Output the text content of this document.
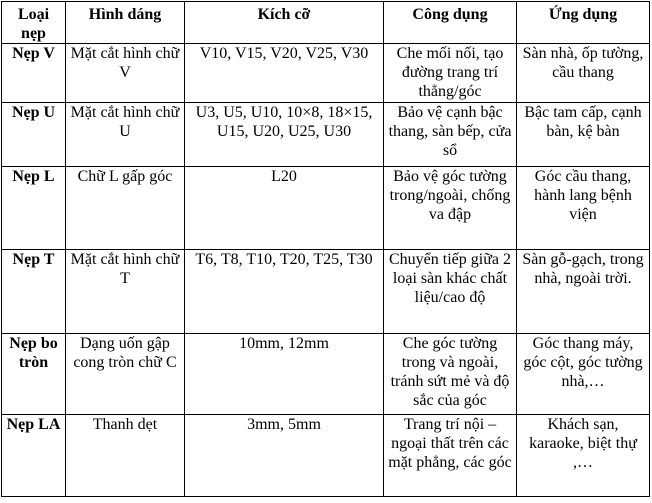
Loại nẹp	Hình dáng	Kích cỡ	Công dụng	Ứng dụng
Nẹp V	Mặt cắt hình chữ V	V10, V15, V20, V25, V30	Che mối nối, tạo đường trang trí thẳng/góc	Sàn nhà, ốp tường, cầu thang
Nẹp U	Mặt cắt hình chữ U	U3, U5, U10, 10×8, 18×15, U15, U20, U25, U30	Bảo vệ cạnh bậc thang, sàn bếp, cửa sổ	Bậc tam cấp, cạnh bàn, kệ bàn
Nẹp L	Chữ L gấp góc	L20	Bảo vệ góc tường trong/ngoài, chống va đập	Góc cầu thang, hành lang bệnh viện
Nẹp T	Mặt cắt hình chữ T	T6, T8, T10, T20, T25, T30	Chuyển tiếp giữa 2 loại sàn khác chất liệu/cao độ	Sàn gỗ-gạch, trong nhà, ngoài trời.
Nẹp bo tròn	Dạng uốn gập cong tròn chữ C	10mm, 12mm	Che góc tường trong và ngoài, tránh sứt mẻ và độ sắc của góc	Góc thang máy, góc cột, góc tường nhà,…
Nẹp LA	Thanh dẹt	3mm, 5mm	Trang trí nội – ngoại thất trên các mặt phẳng, các góc	Khách sạn, karaoke, biệt thự ,…
